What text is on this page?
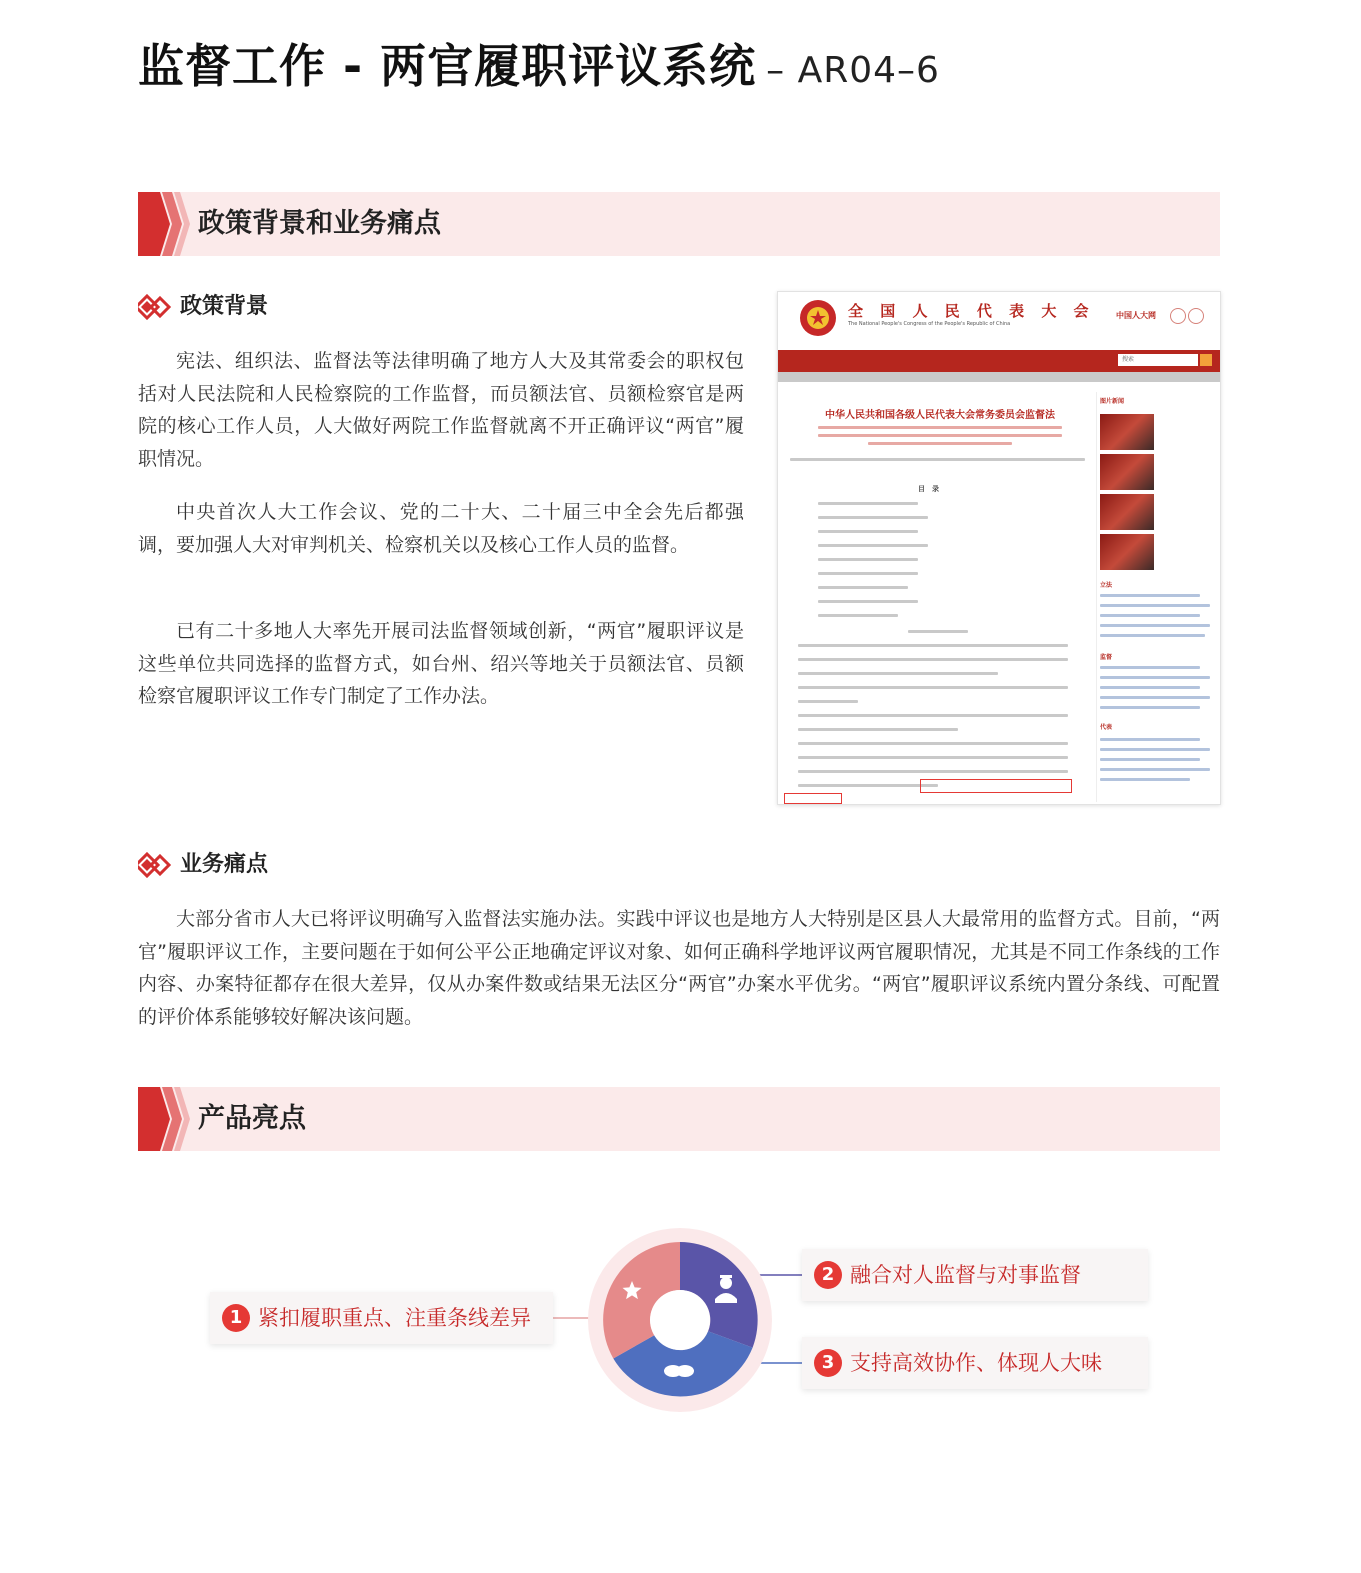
监督工作 - 两官履职评议系统 – AR04–6
政策背景和业务痛点
政策背景

宪法、组织法、监督法等法律明确了地方人大及其常委会的职权包括对人民法院和人民检察院的工作监督，而员额法官、员额检察官是两院的核心工作人员，人大做好两院工作监督就离不开正确评议“两官”履职情况。

中央首次人大工作会议、党的二十大、二十届三中全会先后都强调，要加强人大对审判机关、检察机关以及核心工作人员的监督。

已有二十多地人大率先开展司法监督领域创新，“两官”履职评议是这些单位共同选择的监督方式，如台州、绍兴等地关于员额法官、员额检察官履职评议工作专门制定了工作办法。

全 国 人 民 代 表 大 会
The National People's Congress of the People's Republic of China
中国人大网
搜索
中华人民共和国各级人民代表大会常务委员会监督法
目　录
图片新闻
立法
监督
代表
业务痛点

大部分省市人大已将评议明确写入监督法实施办法。实践中评议也是地方人大特别是区县人大最常用的监督方式。目前，“两官”履职评议工作，主要问题在于如何公平公正地确定评议对象、如何正确科学地评议两官履职情况，尤其是不同工作条线的工作内容、办案特征都存在很大差异，仅从办案件数或结果无法区分“两官”办案水平优劣。“两官”履职评议系统内置分条线、可配置的评价体系能够较好解决该问题。

产品亮点
1 紧扣履职重点、注重条线差异
2 融合对人监督与对事监督
3 支持高效协作、体现人大味
